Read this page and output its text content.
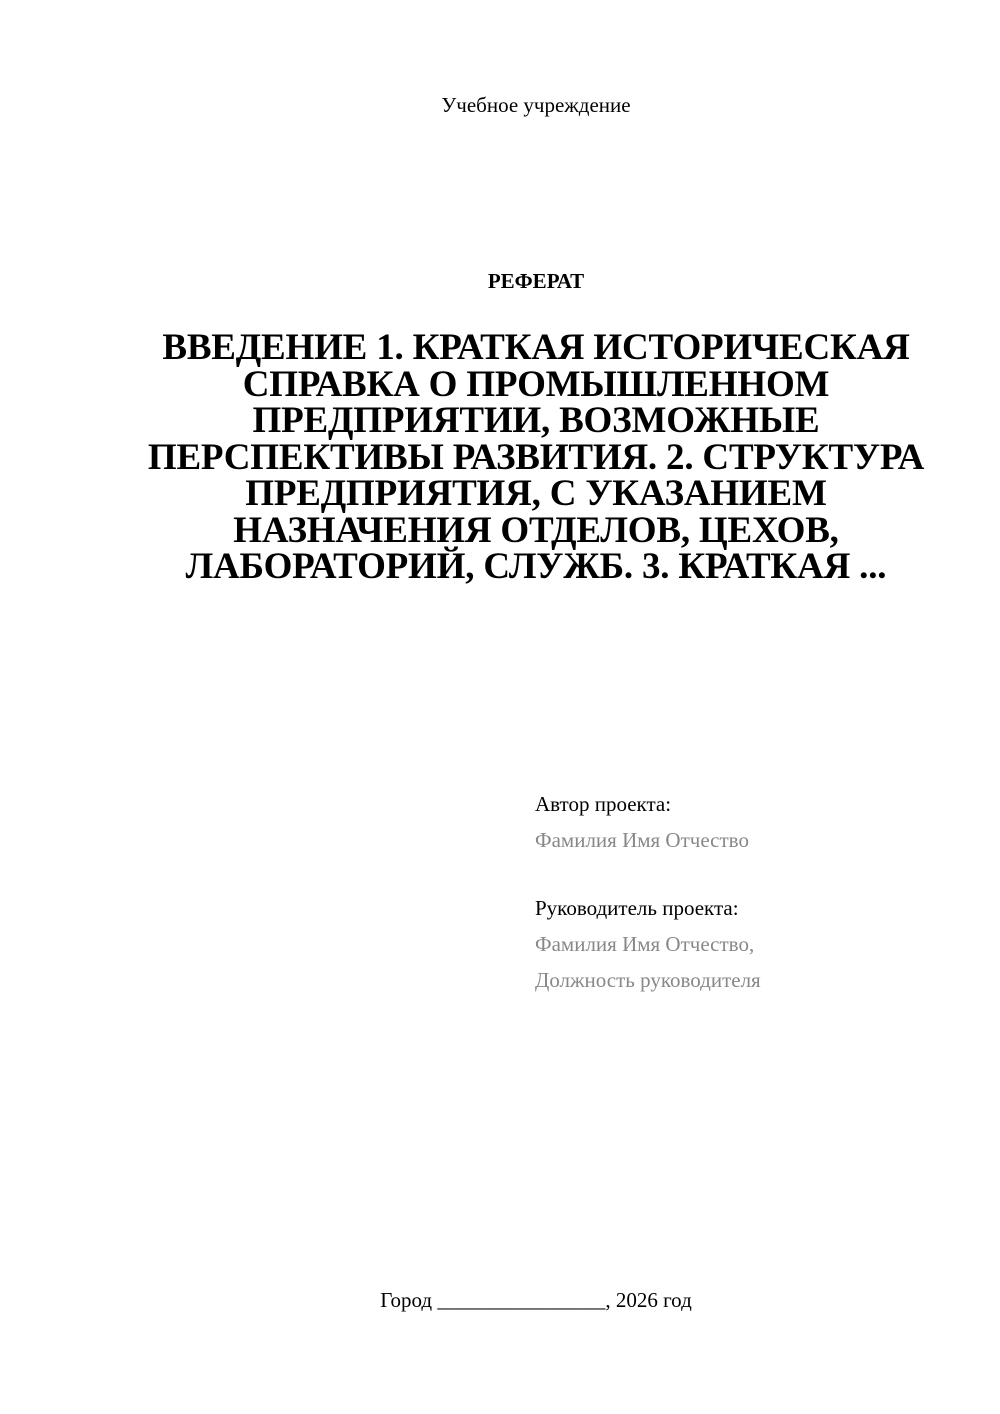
Учебное учреждение
РЕФЕРАТ
ВВЕДЕНИЕ 1. КРАТКАЯ ИСТОРИЧЕСКАЯ СПРАВКА О ПРОМЫШЛЕННОМ ПРЕДПРИЯТИИ, ВОЗМОЖНЫЕ ПЕРСПЕКТИВЫ РАЗВИТИЯ. 2. СТРУКТУРА ПРЕДПРИЯТИЯ, С УКАЗАНИЕМ НАЗНАЧЕНИЯ ОТДЕЛОВ, ЦЕХОВ, ЛАБОРАТОРИЙ, СЛУЖБ. 3. КРАТКАЯ ...
Автор проекта:
Фамилия Имя Отчество
Руководитель проекта:
Фамилия Имя Отчество,
Должность руководителя
Город ________________, 2026 год
